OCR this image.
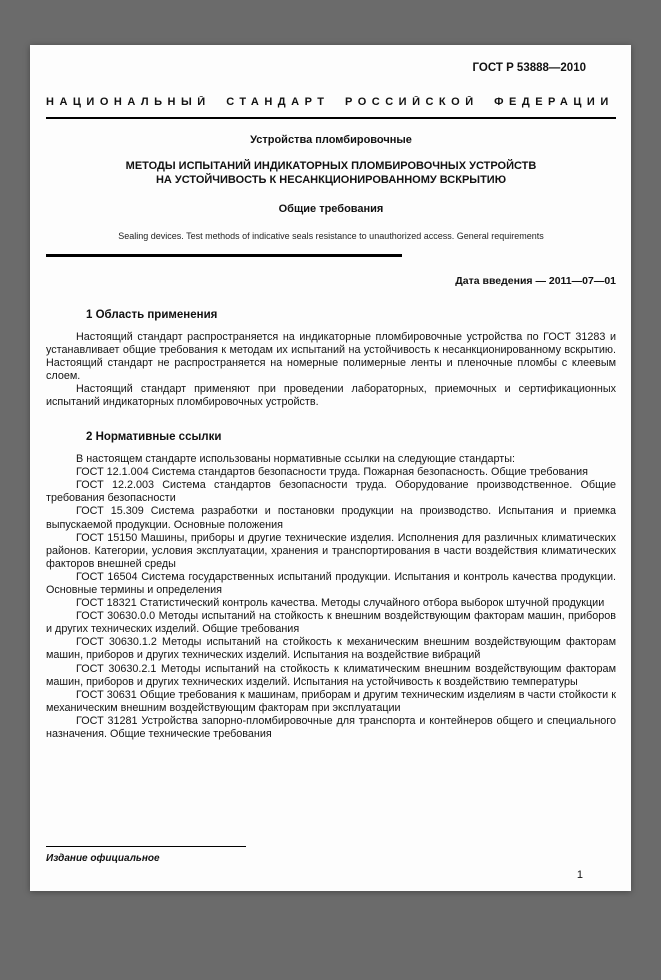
ГОСТ Р 53888—2010
НАЦИОНАЛЬНЫЙ СТАНДАРТ РОССИЙСКОЙ ФЕДЕРАЦИИ
Устройства пломбировочные
МЕТОДЫ ИСПЫТАНИЙ ИНДИКАТОРНЫХ ПЛОМБИРОВОЧНЫХ УСТРОЙСТВ
НА УСТОЙЧИВОСТЬ К НЕСАНКЦИОНИРОВАННОМУ ВСКРЫТИЮ
Общие требования
Sealing devices. Test methods of indicative seals resistance to unauthorized access. General requirements
Дата введения — 2011—07—01
1 Область применения

Настоящий стандарт распространяется на индикаторные пломбировочные устройства по ГОСТ 31283 и устанавливает общие требования к методам их испытаний на устойчивость к несанкционированному вскрытию. Настоящий стандарт не распространяется на номерные полимерные ленты и пленочные пломбы с клеевым слоем.

Настоящий стандарт применяют при проведении лабораторных, приемочных и сертификационных испытаний индикаторных пломбировочных устройств.

2 Нормативные ссылки

В настоящем стандарте использованы нормативные ссылки на следующие стандарты:

ГОСТ 12.1.004 Система стандартов безопасности труда. Пожарная безопасность. Общие требования

ГОСТ 12.2.003 Система стандартов безопасности труда. Оборудование производственное. Общие требования безопасности

ГОСТ 15.309 Система разработки и постановки продукции на производство. Испытания и приемка выпускаемой продукции. Основные положения

ГОСТ 15150 Машины, приборы и другие технические изделия. Исполнения для различных климатических районов. Категории, условия эксплуатации, хранения и транспортирования в части воздействия климатических факторов внешней среды

ГОСТ 16504 Система государственных испытаний продукции. Испытания и контроль качества продукции. Основные термины и определения

ГОСТ 18321 Статистический контроль качества. Методы случайного отбора выборок штучной продукции

ГОСТ 30630.0.0 Методы испытаний на стойкость к внешним воздействующим факторам машин, приборов и других технических изделий. Общие требования

ГОСТ 30630.1.2 Методы испытаний на стойкость к механическим внешним воздействующим факторам машин, приборов и других технических изделий. Испытания на воздействие вибраций

ГОСТ 30630.2.1 Методы испытаний на стойкость к климатическим внешним воздействующим факторам машин, приборов и других технических изделий. Испытания на устойчивость к воздействию температуры

ГОСТ 30631 Общие требования к машинам, приборам и другим техническим изделиям в части стойкости к механическим внешним воздействующим факторам при эксплуатации

ГОСТ 31281 Устройства запорно-пломбировочные для транспорта и контейнеров общего и специального назначения. Общие технические требования

Издание официальное
1
